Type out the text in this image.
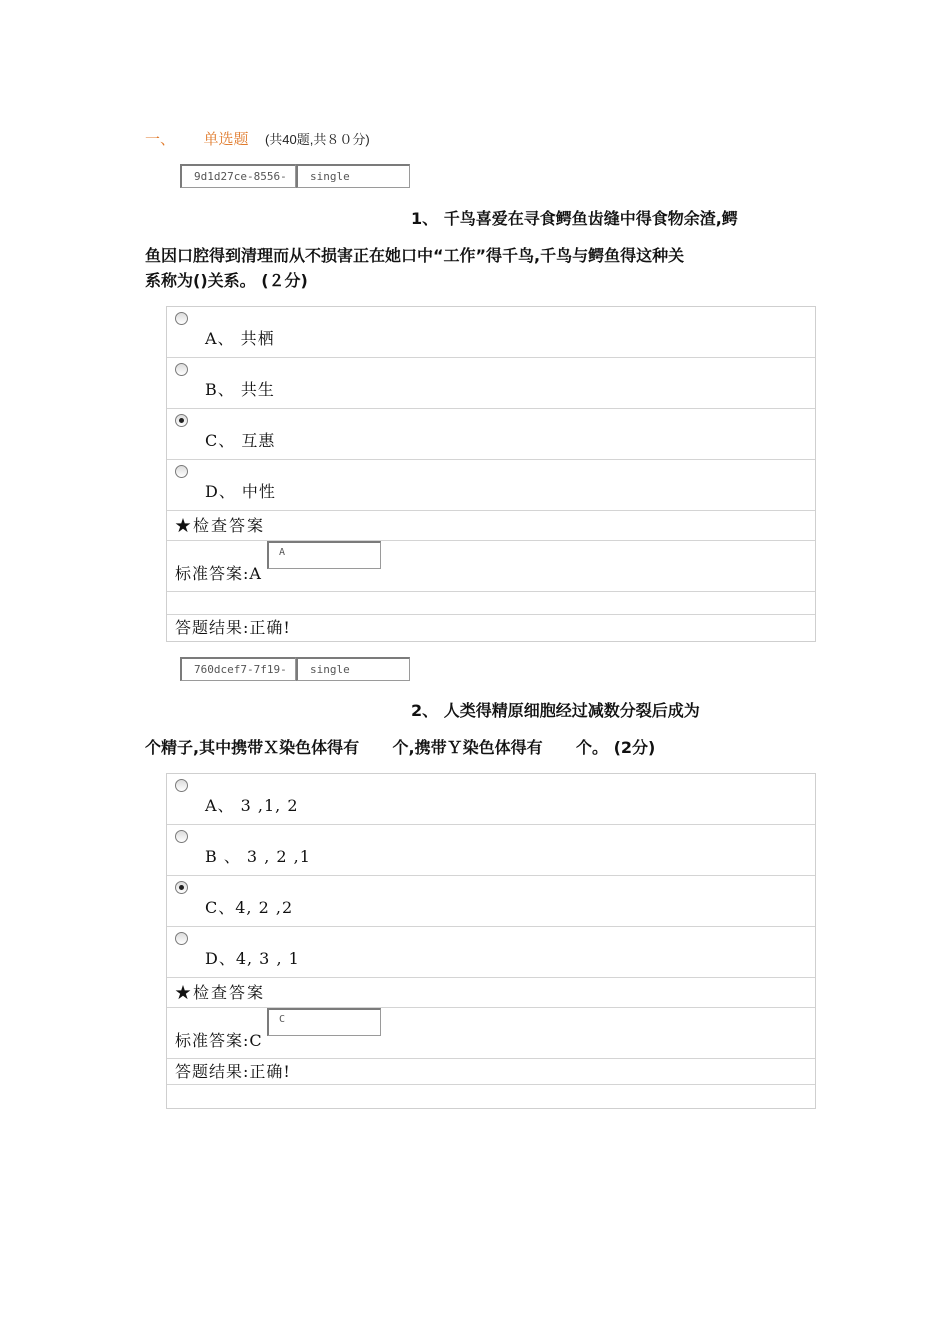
一、 单选题 (共40题,共８０分)
9d1d27ce-8556-	single
1、 千鸟喜爱在寻食鳄鱼齿缝中得食物余渣,鳄
鱼因口腔得到清理而从不损害正在她口中“工作”得千鸟,千鸟与鳄鱼得这种关
系称为()关系。 (２分)
A、 共栖
B、 共生
C、 互惠
D、 中性
★检查答案
标准答案:A
A
答题结果:正确!
760dcef7-7f19-	single
2、 人类得精原细胞经过减数分裂后成为
个精子,其中携带Ｘ染色体得有      个,携带Ｙ染色体得有      个。 (2分)
A、 3 ,1, 2
B 、 3 , 2 ,1
C、4, 2 ,2
D、4, 3 , 1
★检查答案
标准答案:C
C
答题结果:正确!
